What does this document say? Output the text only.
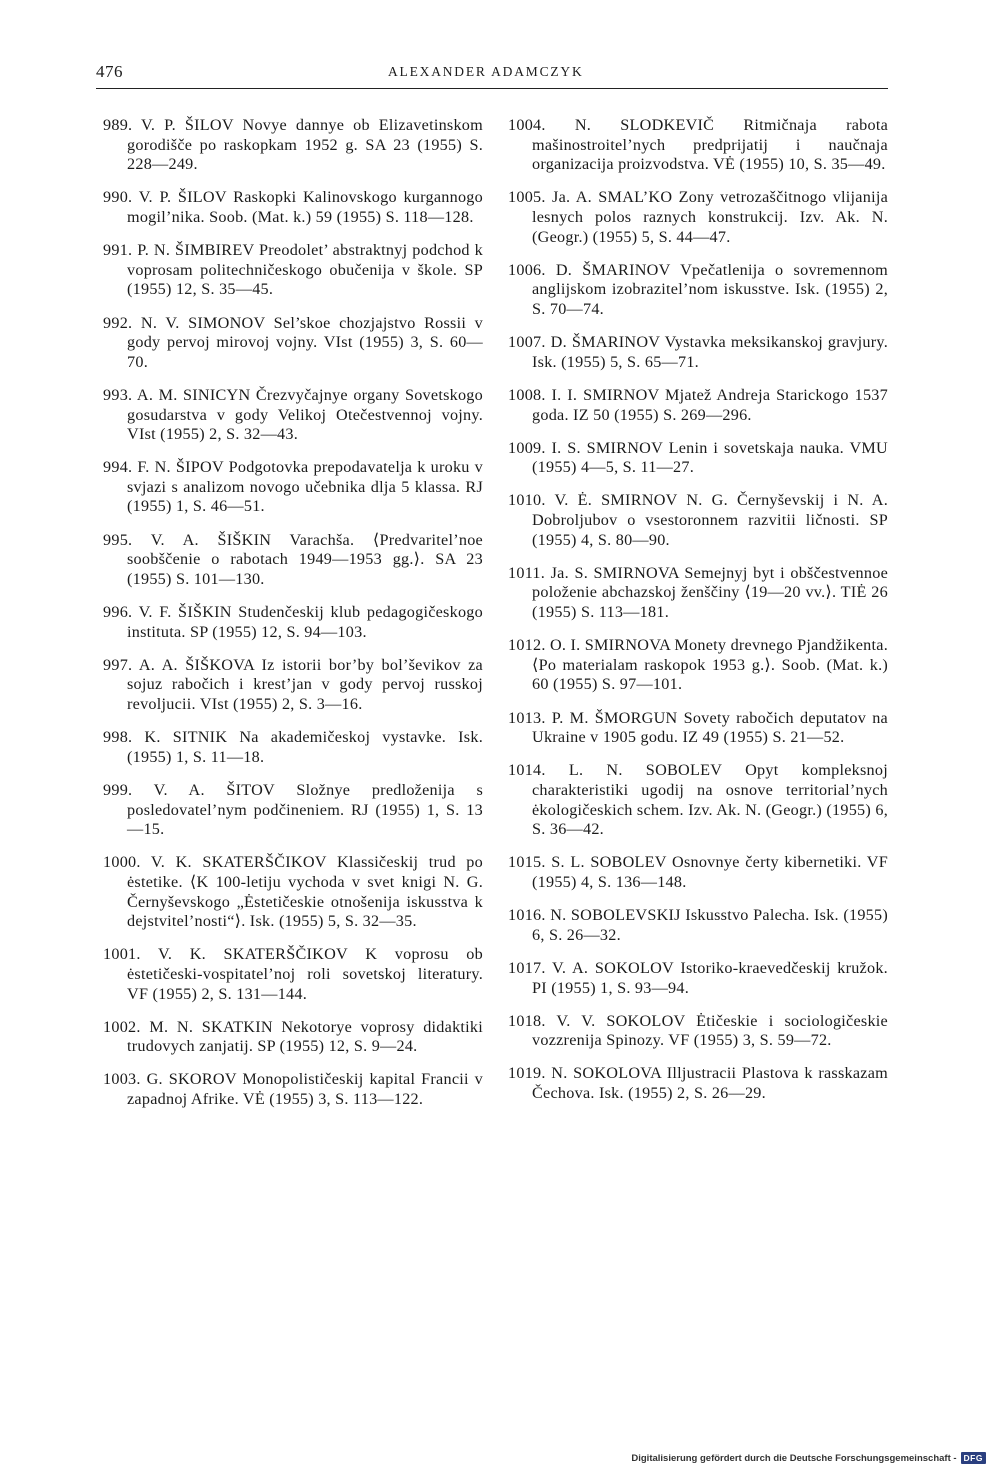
476	ALEXANDER ADAMCZYK

989. V. P. ŠILOV Novye dannye ob Elizavetinskom gorodišče po raskopkam 1952 g. SA 23 (1955) S. 228—249.

990. V. P. ŠILOV Raskopki Kalinovskogo kurgannogo mogil’nika. Soob. (Mat. k.) 59 (1955) S. 118—128.

991. P. N. ŠIMBIREV Preodolet’ abstraktnyj podchod k voprosam politechničeskogo obučenija v škole. SP (1955) 12, S. 35—45.

992. N. V. SIMONOV Sel’skoe chozjajstvo Rossii v gody pervoj mirovoj vojny. VIst (1955) 3, S. 60—70.

993. A. M. SINICYN Črezvyčajnye organy Sovetskogo gosudarstva v gody Velikoj Otečestvennoj vojny. VIst (1955) 2, S. 32—43.

994. F. N. ŠIPOV Podgotovka prepodavatelja k uroku v svjazi s analizom novogo učebnika dlja 5 klassa. RJ (1955) 1, S. 46—51.

995. V. A. ŠIŠKIN Varachša. ⟨Predvaritel’noe soobščenie o rabotach 1949—1953 gg.⟩. SA 23 (1955) S. 101—130.

996. V. F. ŠIŠKIN Studenčeskij klub pedagogičeskogo instituta. SP (1955) 12, S. 94—103.

997. A. A. ŠIŠKOVA Iz istorii bor’by bol’ševikov za sojuz rabočich i krest’jan v gody pervoj russkoj revoljucii. VIst (1955) 2, S. 3—16.

998. K. SITNIK Na akademičeskoj vystavke. Isk. (1955) 1, S. 11—18.

999. V. A. ŠITOV Složnye predloženija s posledovatel’nym podčineniem. RJ (1955) 1, S. 13—15.

1000. V. K. SKATERŠČIKOV Klassičeskij trud po ėstetike. ⟨K 100-letiju vychoda v svet knigi N. G. Černyševskogo „Ėstetičeskie otnošenija iskusstva k dejstvitel’nosti“⟩. Isk. (1955) 5, S. 32—35.

1001. V. K. SKATERŠČIKOV K voprosu ob ėstetičeski-vospitatel’noj roli sovetskoj literatury. VF (1955) 2, S. 131—144.

1002. M. N. SKATKIN Nekotorye voprosy didaktiki trudovych zanjatij. SP (1955) 12, S. 9—24.

1003. G. SKOROV Monopolističeskij kapital Francii v zapadnoj Afrike. VĖ (1955) 3, S. 113—122.

1004. N. SLODKEVIČ Ritmičnaja rabota mašinostroitel’nych predprijatij i naučnaja organizacija proizvodstva. VĖ (1955) 10, S. 35—49.

1005. Ja. A. SMAL’KO Zony vetrozaščitnogo vlijanija lesnych polos raznych konstrukcij. Izv. Ak. N. (Geogr.) (1955) 5, S. 44—47.

1006. D. ŠMARINOV Vpečatlenija o sovremennom anglijskom izobrazitel’nom iskusstve. Isk. (1955) 2, S. 70—74.

1007. D. ŠMARINOV Vystavka meksikanskoj gravjury. Isk. (1955) 5, S. 65—71.

1008. I. I. SMIRNOV Mjatež Andreja Starickogo 1537 goda. IZ 50 (1955) S. 269—296.

1009. I. S. SMIRNOV Lenin i sovetskaja nauka. VMU (1955) 4—5, S. 11—27.

1010. V. Ė. SMIRNOV N. G. Černyševskij i N. A. Dobroljubov o vsestoronnem razvitii ličnosti. SP (1955) 4, S. 80—90.

1011. Ja. S. SMIRNOVA Semejnyj byt i obščestvennoe položenie abchazskoj ženščiny ⟨19—20 vv.⟩. TIĖ 26 (1955) S. 113—181.

1012. O. I. SMIRNOVA Monety drevnego Pjandžikenta. ⟨Po materialam raskopok 1953 g.⟩. Soob. (Mat. k.) 60 (1955) S. 97—101.

1013. P. M. ŠMORGUN Sovety rabočich deputatov na Ukraine v 1905 godu. IZ 49 (1955) S. 21—52.

1014. L. N. SOBOLEV Opyt kompleksnoj charakteristiki ugodij na osnove territorial’nych ėkologičeskich schem. Izv. Ak. N. (Geogr.) (1955) 6, S. 36—42.

1015. S. L. SOBOLEV Osnovnye čerty kibernetiki. VF (1955) 4, S. 136—148.

1016. N. SOBOLEVSKIJ Iskusstvo Palecha. Isk. (1955) 6, S. 26—32.

1017. V. A. SOKOLOV Istoriko-kraevedčeskij kružok. PI (1955) 1, S. 93—94.

1018. V. V. SOKOLOV Ėtičeskie i sociologičeskie vozzrenija Spinozy. VF (1955) 3, S. 59—72.

1019. N. SOKOLOVA Illjustracii Plastova k rasskazam Čechova. Isk. (1955) 2, S. 26—29.

Digitalisierung gefördert durch die Deutsche Forschungsgemeinschaft - DFG
